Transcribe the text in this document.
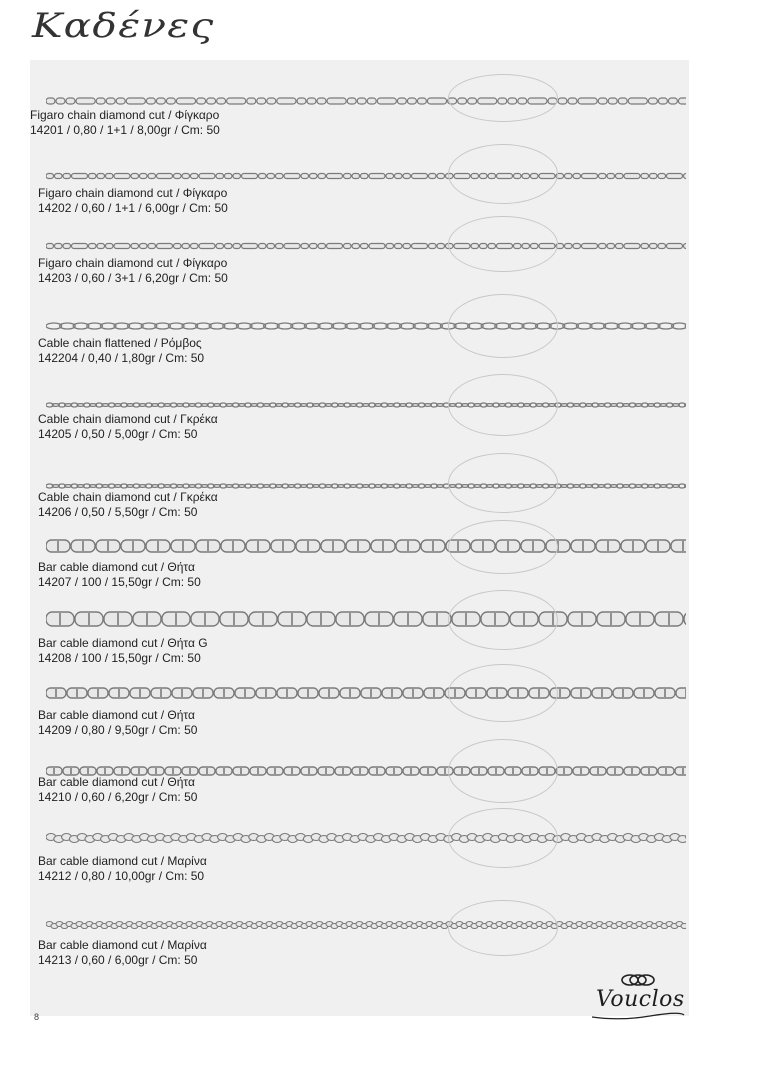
Καδένες
Figaro chain diamond cut / Φίγκαρο
14201 / 0,80 / 1+1 / 8,00gr / Cm: 50
Figaro chain diamond cut / Φίγκαρο
14202 / 0,60 / 1+1 / 6,00gr / Cm: 50
Figaro chain diamond cut / Φίγκαρο
14203 / 0,60 / 3+1 / 6,20gr / Cm: 50
Cable chain flattened / Ρόμβος
142204 / 0,40 / 1,80gr / Cm: 50
Cable chain diamond cut / Γκρέκα
14205 / 0,50 / 5,00gr / Cm: 50
Cable chain diamond cut / Γκρέκα
14206 / 0,50 / 5,50gr / Cm: 50
Bar cable diamond cut / Θήτα
14207 / 100 / 15,50gr / Cm: 50
Bar cable diamond cut / Θήτα G
14208 / 100 / 15,50gr / Cm: 50
Bar cable diamond cut / Θήτα
14209 / 0,80 / 9,50gr / Cm: 50
Bar cable diamond cut / Θήτα
14210 / 0,60 / 6,20gr / Cm: 50
Bar cable diamond cut / Μαρίνα
14212 / 0,80 / 10,00gr / Cm: 50
Bar cable diamond cut / Μαρίνα
14213 / 0,60 / 6,00gr / Cm: 50
8
Vouclos
